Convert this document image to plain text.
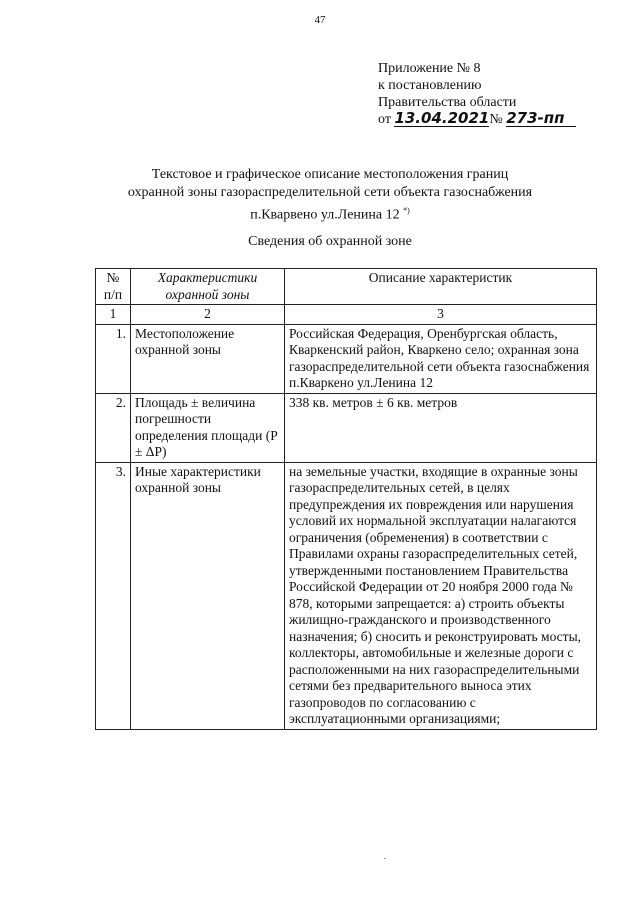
47
Приложение № 8
к постановлению
Правительства области
от 13.04.2021№ 273-пп
Текстовое и графическое описание местоположения границ
охранной зоны газораспределительной сети объекта газоснабжения
п.Кварвено ул.Ленина 12 *)
Сведения об охранной зоне
№ п/п	Характеристики охранной зоны	Описание характеристик
1	2	3
1.	Местоположение охранной зоны	Российская Федерация, Оренбургская область, Кваркенский район, Кваркено село; охранная зона газораспределительной сети объекта газоснабжения п.Кваркено ул.Ленина 12
2.	Площадь ± величина погрешности определения площади (P ± ΔP)	338 кв. метров ± 6 кв. метров
3.	Иные характеристики охранной зоны	на земельные участки, входящие в охранные зоны газораспределительных сетей, в целях предупреждения их повреждения или нарушения условий их нормальной эксплуатации налагаются ограничения (обременения) в соответствии с Правилами охраны газораспределительных сетей, утвержденными постановлением Правительства Российской Федерации от 20 ноября 2000 года № 878, которыми запрещается: а) строить объекты жилищно-гражданского и производственного назначения; б) сносить и реконструировать мосты, коллекторы, автомобильные и железные дороги с расположенными на них газораспределительными сетями без предварительного выноса этих газопроводов по согласованию с эксплуатационными организациями;
